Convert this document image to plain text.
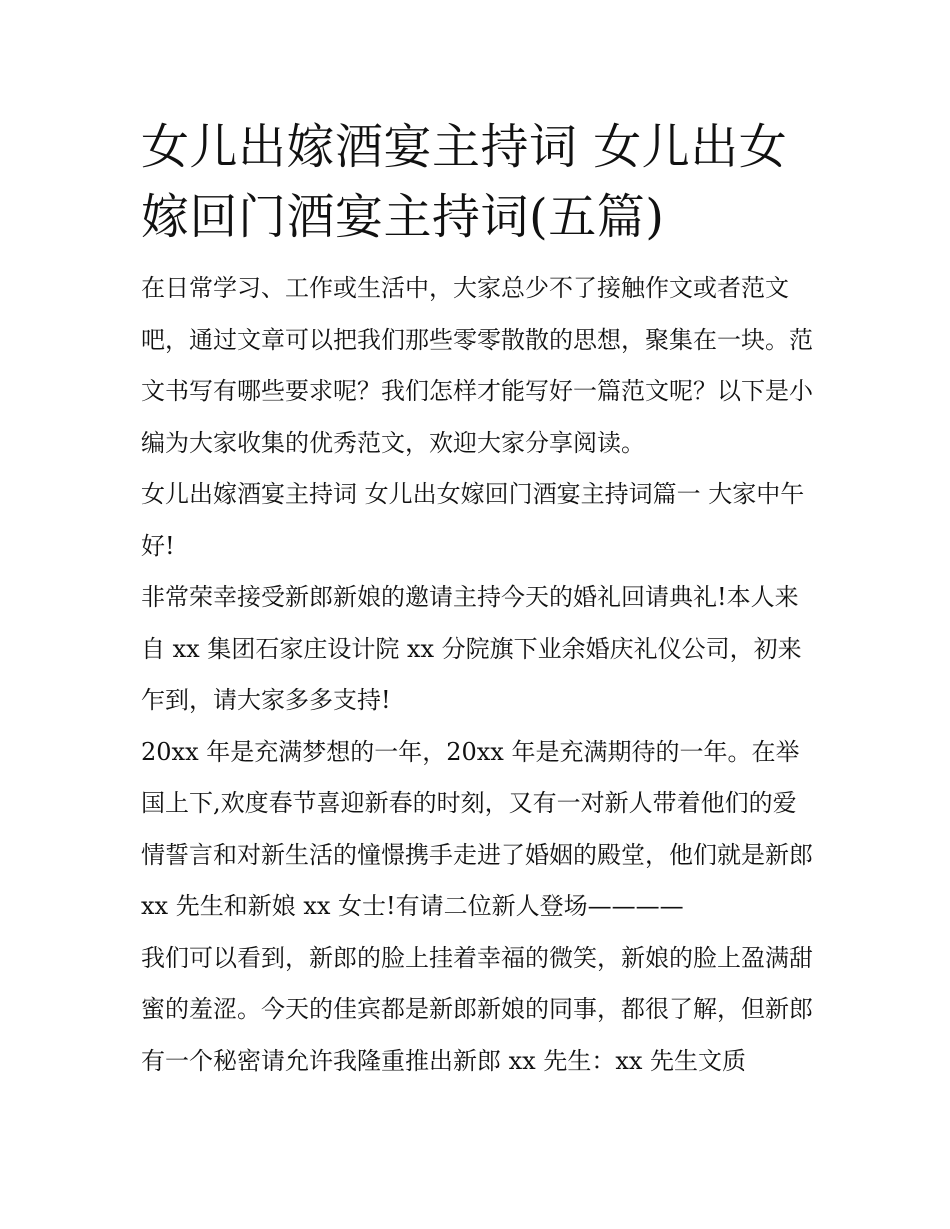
女儿出嫁酒宴主持词 女儿出女嫁回门酒宴主持词(五篇)

在日常学习、工作或生活中，大家总少不了接触作文或者范文吧，通过文章可以把我们那些零零散散的思想，聚集在一块。范文书写有哪些要求呢？我们怎样才能写好一篇范文呢？以下是小编为大家收集的优秀范文，欢迎大家分享阅读。

女儿出嫁酒宴主持词 女儿出女嫁回门酒宴主持词篇一 大家中午好!

非常荣幸接受新郎新娘的邀请主持今天的婚礼回请典礼!本人来自 xx 集团石家庄设计院 xx 分院旗下业余婚庆礼仪公司，初来乍到，请大家多多支持!

20xx 年是充满梦想的一年，20xx 年是充满期待的一年。在举国上下,欢度春节喜迎新春的时刻，又有一对新人带着他们的爱情誓言和对新生活的憧憬携手走进了婚姻的殿堂，他们就是新郎 xx 先生和新娘 xx 女士!有请二位新人登场————

我们可以看到，新郎的脸上挂着幸福的微笑，新娘的脸上盈满甜蜜的羞涩。今天的佳宾都是新郎新娘的同事，都很了解，但新郎有一个秘密请允许我隆重推出新郎 xx 先生：xx 先生文质
